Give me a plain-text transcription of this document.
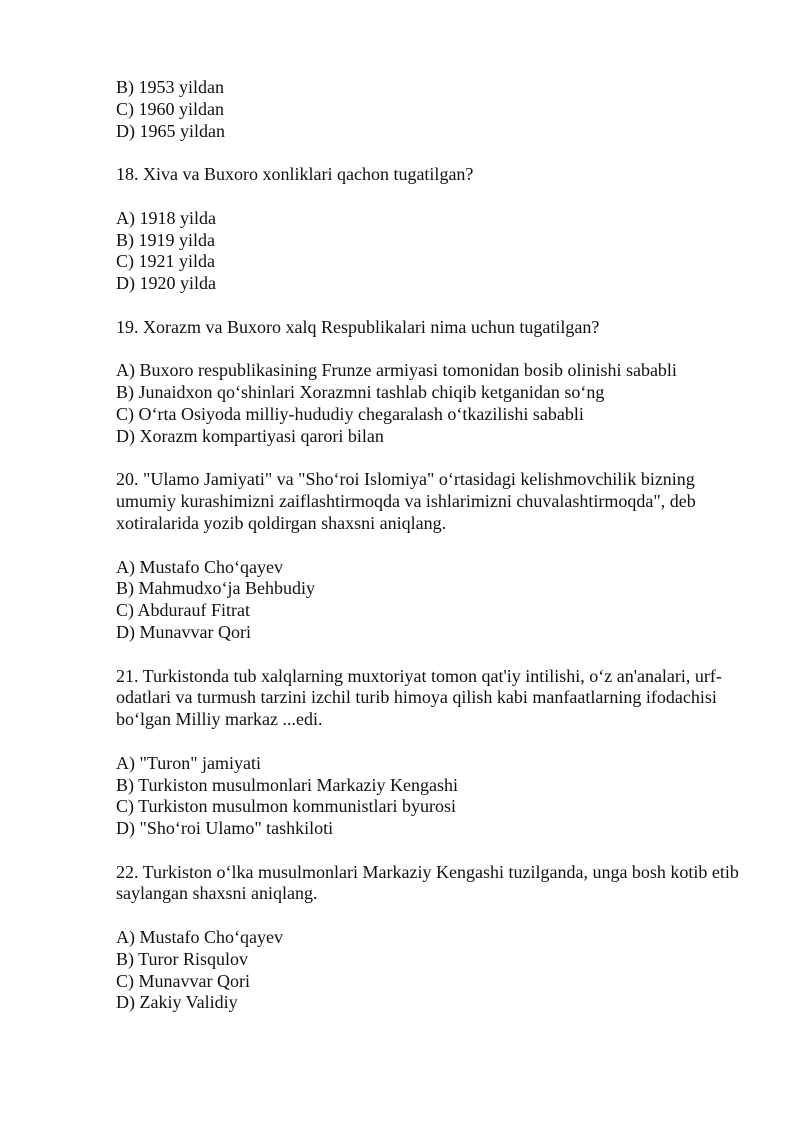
B) 1953 yildan
C) 1960 yildan
D) 1965 yildan
18. Xiva va Buxoro xonliklari qachon tugatilgan?
A) 1918 yilda
B) 1919 yilda
C) 1921 yilda
D) 1920 yilda
19. Xorazm va Buxoro xalq Respublikalari nima uchun tugatilgan?
A) Buxoro respublikasining Frunze armiyasi tomonidan bosib olinishi sababli
B) Junaidxon qo‘shinlari Xorazmni tashlab chiqib ketganidan so‘ng
C) O‘rta Osiyoda milliy-hududiy chegaralash o‘tkazilishi sababli
D) Xorazm kompartiyasi qarori bilan
20. "Ulamo Jamiyati" va "Sho‘roi Islomiya" o‘rtasidagi kelishmovchilik bizning umumiy kurashimizni zaiflashtirmoqda va ishlarimizni chuvalashtirmoqda", deb xotiralarida yozib qoldirgan shaxsni aniqlang.
A) Mustafo Cho‘qayev
B) Mahmudxo‘ja Behbudiy
C) Abdurauf Fitrat
D) Munavvar Qori
21. Turkistonda tub xalqlarning muxtoriyat tomon qat'iy intilishi, o‘z an'analari, urf-odatlari va turmush tarzini izchil turib himoya qilish kabi manfaatlarning ifodachisi bo‘lgan Milliy markaz ...edi.
A) "Turon" jamiyati
B) Turkiston musulmonlari Markaziy Kengashi
C) Turkiston musulmon kommunistlari byurosi
D) "Sho‘roi Ulamo" tashkiloti
22. Turkiston o‘lka musulmonlari Markaziy Kengashi tuzilganda, unga bosh kotib etib saylangan shaxsni aniqlang.
A) Mustafo Cho‘qayev
B) Turor Risqulov
C) Munavvar Qori
D) Zakiy Validiy
